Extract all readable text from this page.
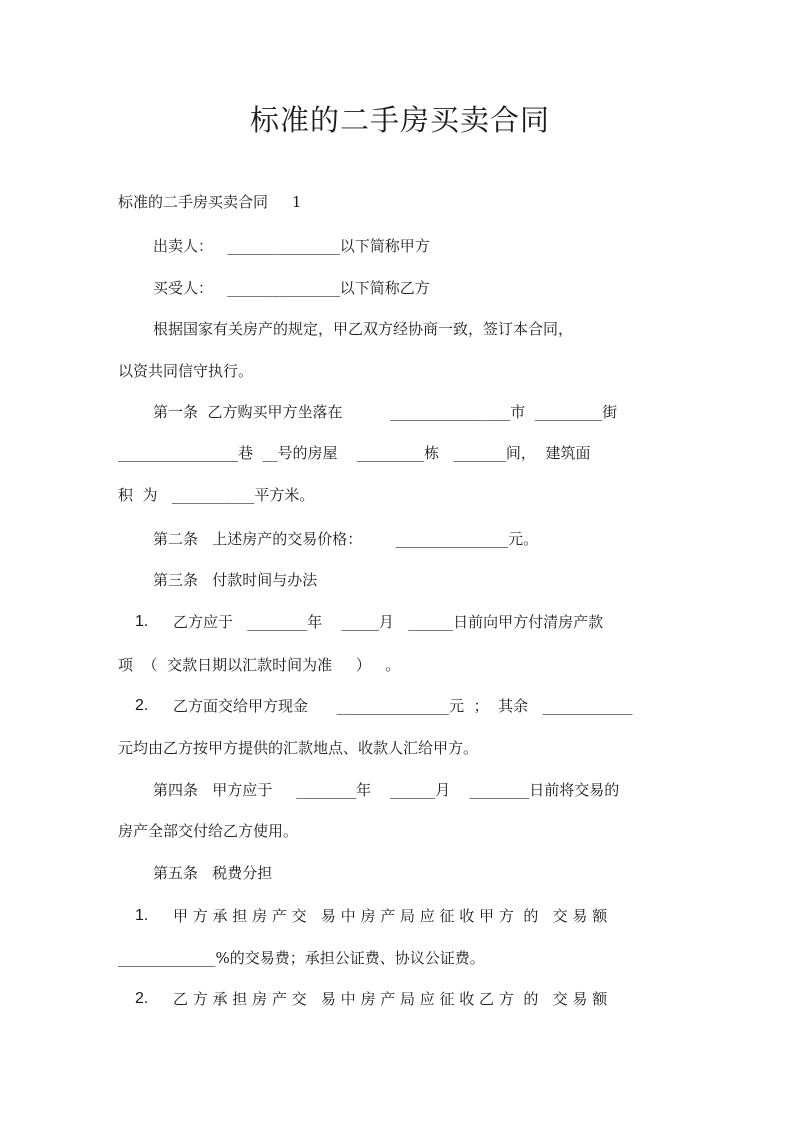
标准的二手房买卖合同
标准的二手房买卖合同     1
出卖人：   _______________以下简称甲方
买受人：   _______________以下简称乙方
根据国家有关房产的规定，甲乙双方经协商一致，签订本合同，
以资共同信守执行。
第一条  乙方购买甲方坐落在          ________________市  _________街
________________巷  __号的房屋    _________栋   _______间，  建筑面
积  为   ___________平方米。
第二条   上述房产的交易价格：       _______________元。
第三条   付款时间与办法
1. 乙方应于   ________年    _____月   ______日前向甲方付清房产款
项  （  交款日期以汇款时间为准     ）   。
2. 乙方面交给甲方现金      _______________元  ；  其余   ____________
元均由乙方按甲方提供的汇款地点、收款人汇给甲方。
第四条   甲方应于     ________年    ______月    ________日前将交易的
房产全部交付给乙方使用。
第五条   税费分担
1. 甲 方 承 担 房 产 交   易 中 房 产 局 应 征 收 甲 方  的   交 易 额
_____________%的交易费；承担公证费、协议公证费。
2. 乙 方 承 担 房 产 交   易 中 房 产 局 应 征 收 乙 方  的   交 易 额
